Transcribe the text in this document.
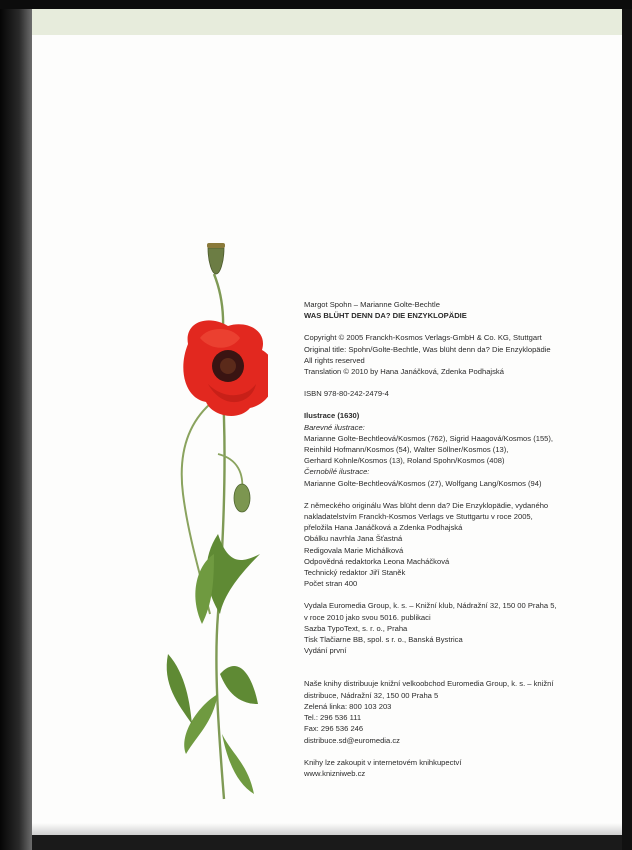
Margot Spohn – Marianne Golte-Bechtle
WAS BLÜHT DENN DA? DIE ENZYKLOPÄDIE
Copyright © 2005 Franckh-Kosmos Verlags-GmbH & Co. KG, Stuttgart
Original title: Spohn/Golte-Bechtle, Was blüht denn da? Die Enzyklopädie
All rights reserved
Translation © 2010 by Hana Janáčková, Zdenka Podhajská
ISBN 978-80-242-2479-4
Ilustrace (1630)
Barevné ilustrace:
Marianne Golte-Bechtleová/Kosmos (762), Sigrid Haagová/Kosmos (155),
Reinhild Hofmann/Kosmos (54), Walter Söllner/Kosmos (13),
Gerhard Kohnle/Kosmos (13), Roland Spohn/Kosmos (408)
Černobílé ilustrace:
Marianne Golte-Bechtleová/Kosmos (27), Wolfgang Lang/Kosmos (94)
Z německého originálu Was blüht denn da? Die Enzyklopädie, vydaného
nakladatelstvím Franckh-Kosmos Verlags ve Stuttgartu v roce 2005,
přeložila Hana Janáčková a Zdenka Podhajská
Obálku navrhla Jana Šťastná
Redigovala Marie Michálková
Odpovědná redaktorka Leona Macháčková
Technický redaktor Jiří Staněk
Počet stran 400
Vydala Euromedia Group, k. s. – Knižní klub, Nádražní 32, 150 00 Praha 5,
v roce 2010 jako svou 5016. publikaci
Sazba TypoText, s. r. o., Praha
Tisk Tlačiarne BB, spol. s r. o., Banská Bystrica
Vydání první
Naše knihy distribuuje knižní velkoobchod Euromedia Group, k. s. – knižní
distribuce, Nádražní 32, 150 00 Praha 5
Zelená linka: 800 103 203
Tel.: 296 536 111
Fax: 296 536 246
distribuce.sd@euromedia.cz
Knihy lze zakoupit v internetovém knihkupectví
www.knizniweb.cz
